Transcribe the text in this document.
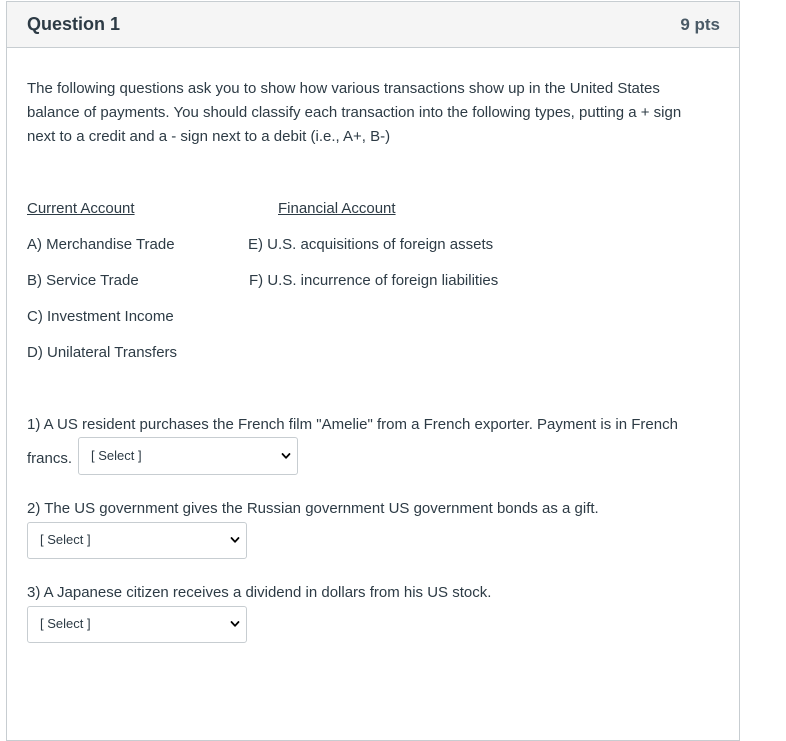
Question 1	9 pts
The following questions ask you to show how various transactions show up in the United States
balance of payments. You should classify each transaction into the following types, putting a + sign
next to a credit and a - sign next to a debit (i.e., A+, B-)
Current Account
A) Merchandise Trade
B) Service Trade
C) Investment Income
D) Unilateral Transfers
Financial Account
E) U.S. acquisitions of foreign assets
F) U.S. incurrence of foreign liabilities
1) A US resident purchases the French film "Amelie" from a French exporter. Payment is in French
francs. [ Select ]
2) The US government gives the Russian government US government bonds as a gift.
[ Select ]
3) A Japanese citizen receives a dividend in dollars from his US stock.
[ Select ]
